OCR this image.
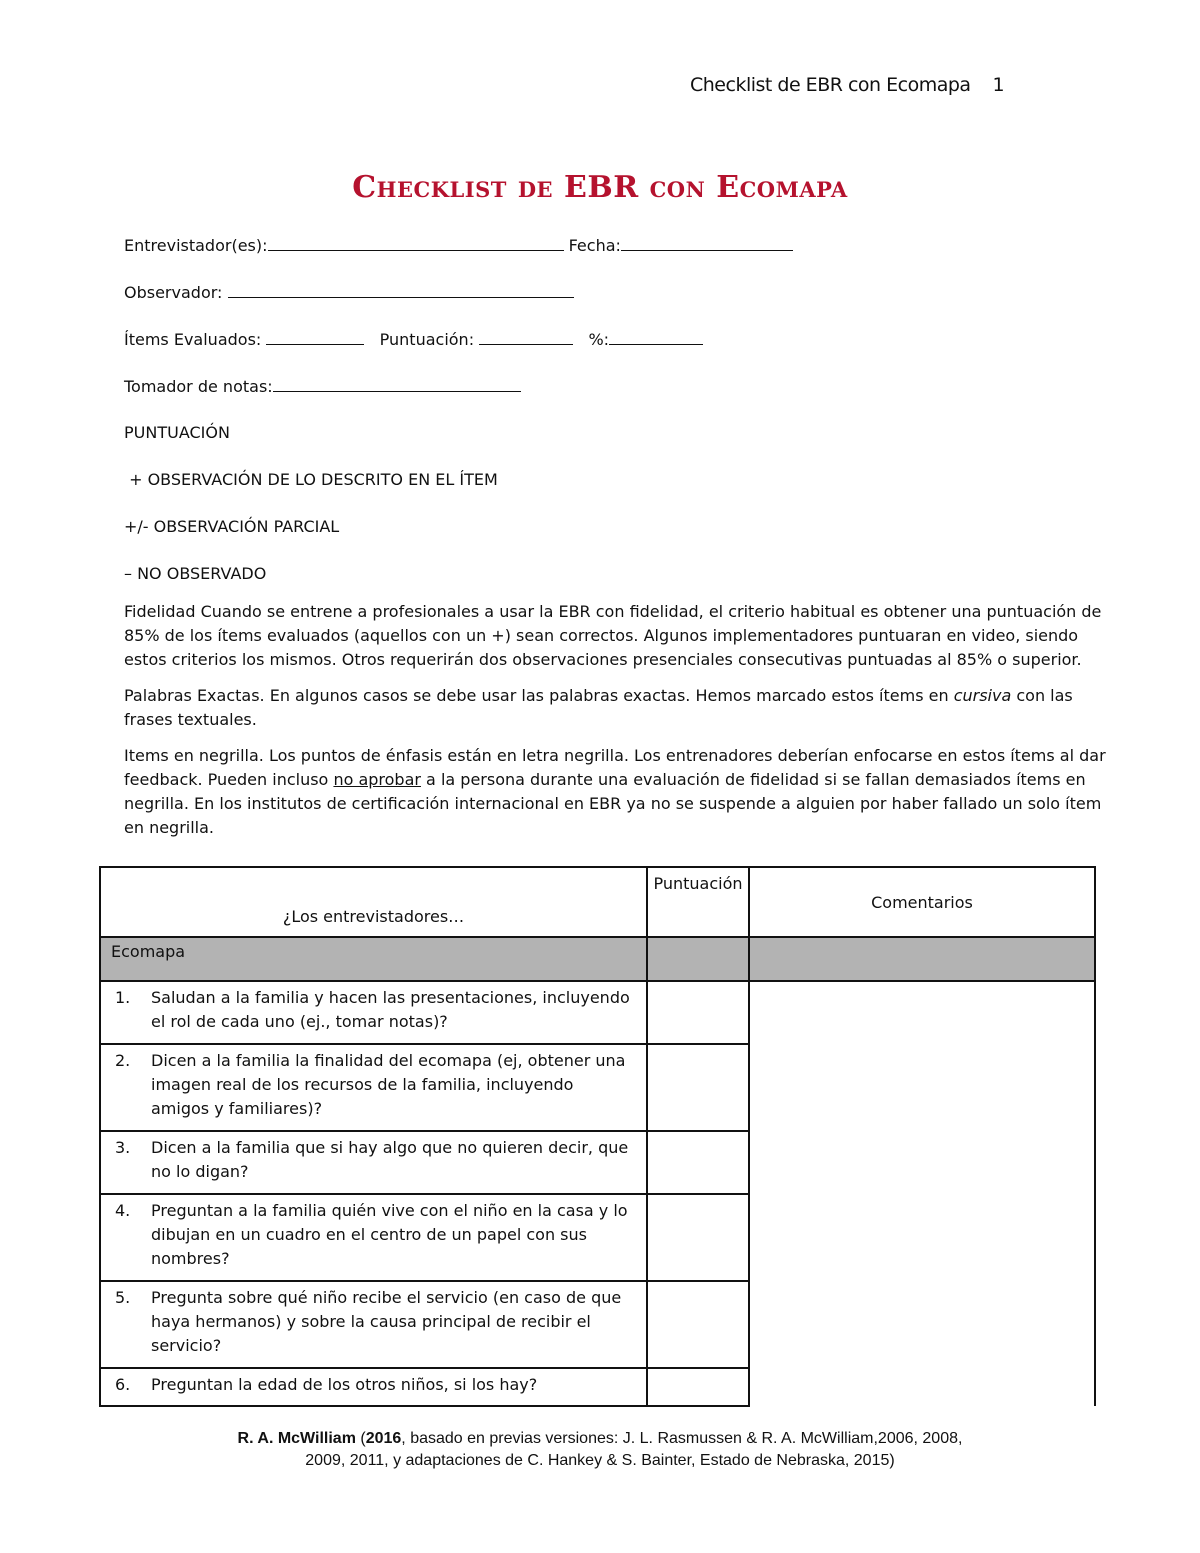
Checklist de EBR con Ecomapa 1
Checklist de EBR con Ecomapa
Entrevistador(es):	Fecha:
Observador:
Ítems Evaluados:	Puntuación:	%:
Tomador de notas:
PUNTUACIÓN
+ OBSERVACIÓN DE LO DESCRITO EN EL ÍTEM
+/- OBSERVACIÓN PARCIAL
– NO OBSERVADO
Fidelidad Cuando se entrene a profesionales a usar la EBR con fidelidad, el criterio habitual es obtener una puntuación de 85% de los ítems evaluados (aquellos con un +) sean correctos. Algunos implementadores puntuaran en video, siendo estos criterios los mismos. Otros requerirán dos observaciones presenciales consecutivas puntuadas al 85% o superior.
Palabras Exactas. En algunos casos se debe usar las palabras exactas. Hemos marcado estos ítems en cursiva con las frases textuales.
Items en negrilla. Los puntos de énfasis están en letra negrilla. Los entrenadores deberían enfocarse en estos ítems al dar feedback. Pueden incluso no aprobar a la persona durante una evaluación de fidelidad si se fallan demasiados ítems en negrilla. En los institutos de certificación internacional en EBR ya no se suspende a alguien por haber fallado un solo ítem en negrilla.
¿Los entrevistadores…	Puntuación	Comentarios
Ecomapa		

1. Saludan a la familia y hacen las presentaciones, incluyendo el rol de cada uno (ej., tomar notas)?		

2. Dicen a la familia la finalidad del ecomapa (ej, obtener una imagen real de los recursos de la familia, incluyendo amigos y familiares)?		

3. Dicen a la familia que si hay algo que no quieren decir, que no lo digan?		

4. Preguntan a la familia quién vive con el niño en la casa y lo dibujan en un cuadro en el centro de un papel con sus nombres?		

5. Pregunta sobre qué niño recibe el servicio (en caso de que haya hermanos) y sobre la causa principal de recibir el servicio?		

6. Preguntan la edad de los otros niños, si los hay?		

R. A. McWilliam (2016, basado en previas versiones: J. L. Rasmussen & R. A. McWilliam,2006, 2008,
2009, 2011, y adaptaciones de C. Hankey & S. Bainter, Estado de Nebraska, 2015)
